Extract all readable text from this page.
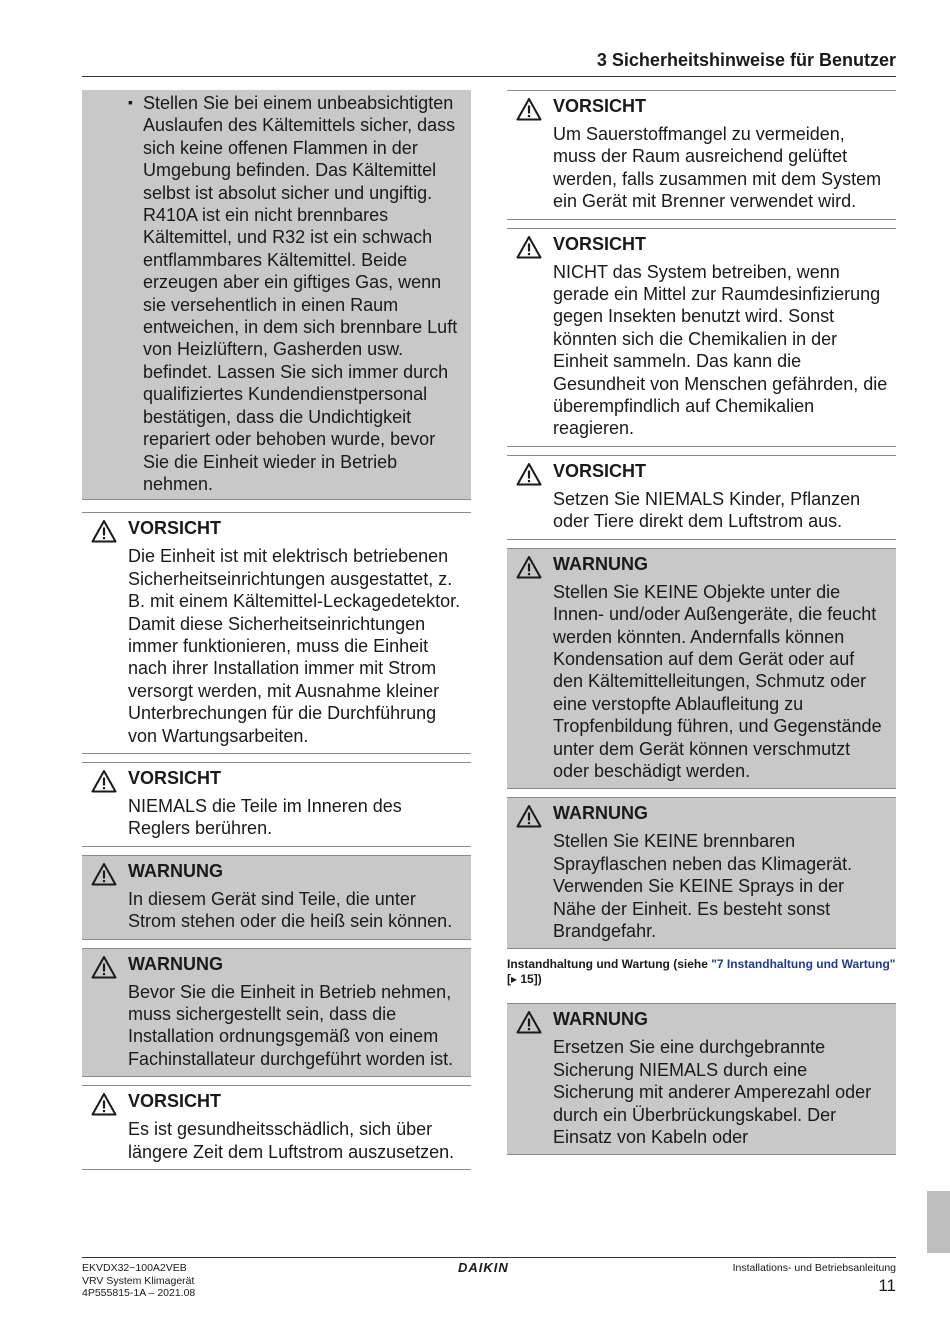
3 Sicherheitshinweise für Benutzer
▪ Stellen Sie bei einem unbeabsichtigten Auslaufen des Kältemittels sicher, dass sich keine offenen Flammen in der Umgebung befinden. Das Kältemittel selbst ist absolut sicher und ungiftig. R410A ist ein nicht brennbares Kältemittel, und R32 ist ein schwach entflammbares Kältemittel. Beide erzeugen aber ein giftiges Gas, wenn sie versehentlich in einen Raum entweichen, in dem sich brennbare Luft von Heizlüftern, Gasherden usw. befindet. Lassen Sie sich immer durch qualifiziertes Kundendienstpersonal bestätigen, dass die Undichtigkeit repariert oder behoben wurde, bevor Sie die Einheit wieder in Betrieb nehmen.
VORSICHT
Die Einheit ist mit elektrisch betriebenen Sicherheitseinrichtungen ausgestattet, z. B. mit einem Kältemittel-Leckagedetektor. Damit diese Sicherheitseinrichtungen immer funktionieren, muss die Einheit nach ihrer Installation immer mit Strom versorgt werden, mit Ausnahme kleiner Unterbrechungen für die Durchführung von Wartungsarbeiten.
VORSICHT
NIEMALS die Teile im Inneren des Reglers berühren.
WARNUNG
In diesem Gerät sind Teile, die unter Strom stehen oder die heiß sein können.
WARNUNG
Bevor Sie die Einheit in Betrieb nehmen, muss sichergestellt sein, dass die Installation ordnungsgemäß von einem Fachinstallateur durchgeführt worden ist.
VORSICHT
Es ist gesundheitsschädlich, sich über längere Zeit dem Luftstrom auszusetzen.
VORSICHT
Um Sauerstoffmangel zu vermeiden, muss der Raum ausreichend gelüftet werden, falls zusammen mit dem System ein Gerät mit Brenner verwendet wird.
VORSICHT
NICHT das System betreiben, wenn gerade ein Mittel zur Raumdesinfizierung gegen Insekten benutzt wird. Sonst könnten sich die Chemikalien in der Einheit sammeln. Das kann die Gesundheit von Menschen gefährden, die überempfindlich auf Chemikalien reagieren.
VORSICHT
Setzen Sie NIEMALS Kinder, Pflanzen oder Tiere direkt dem Luftstrom aus.
WARNUNG
Stellen Sie KEINE Objekte unter die Innen- und/oder Außengeräte, die feucht werden könnten. Andernfalls können Kondensation auf dem Gerät oder auf den Kältemittelleitungen, Schmutz oder eine verstopfte Ablaufleitung zu Tropfenbildung führen, und Gegenstände unter dem Gerät können verschmutzt oder beschädigt werden.
WARNUNG
Stellen Sie KEINE brennbaren Sprayflaschen neben das Klimagerät. Verwenden Sie KEINE Sprays in der Nähe der Einheit. Es besteht sonst Brandgefahr.
Instandhaltung und Wartung (siehe "7 Instandhaltung und Wartung" [▸ 15])
WARNUNG
Ersetzen Sie eine durchgebrannte Sicherung NIEMALS durch eine Sicherung mit anderer Amperezahl oder durch ein Überbrückungskabel. Der Einsatz von Kabeln oder
EKVDX32~100A2VEB
VRV System Klimagerät
4P555815-1A – 2021.08
DAIKIN	Installations- und Betriebsanleitung
11
